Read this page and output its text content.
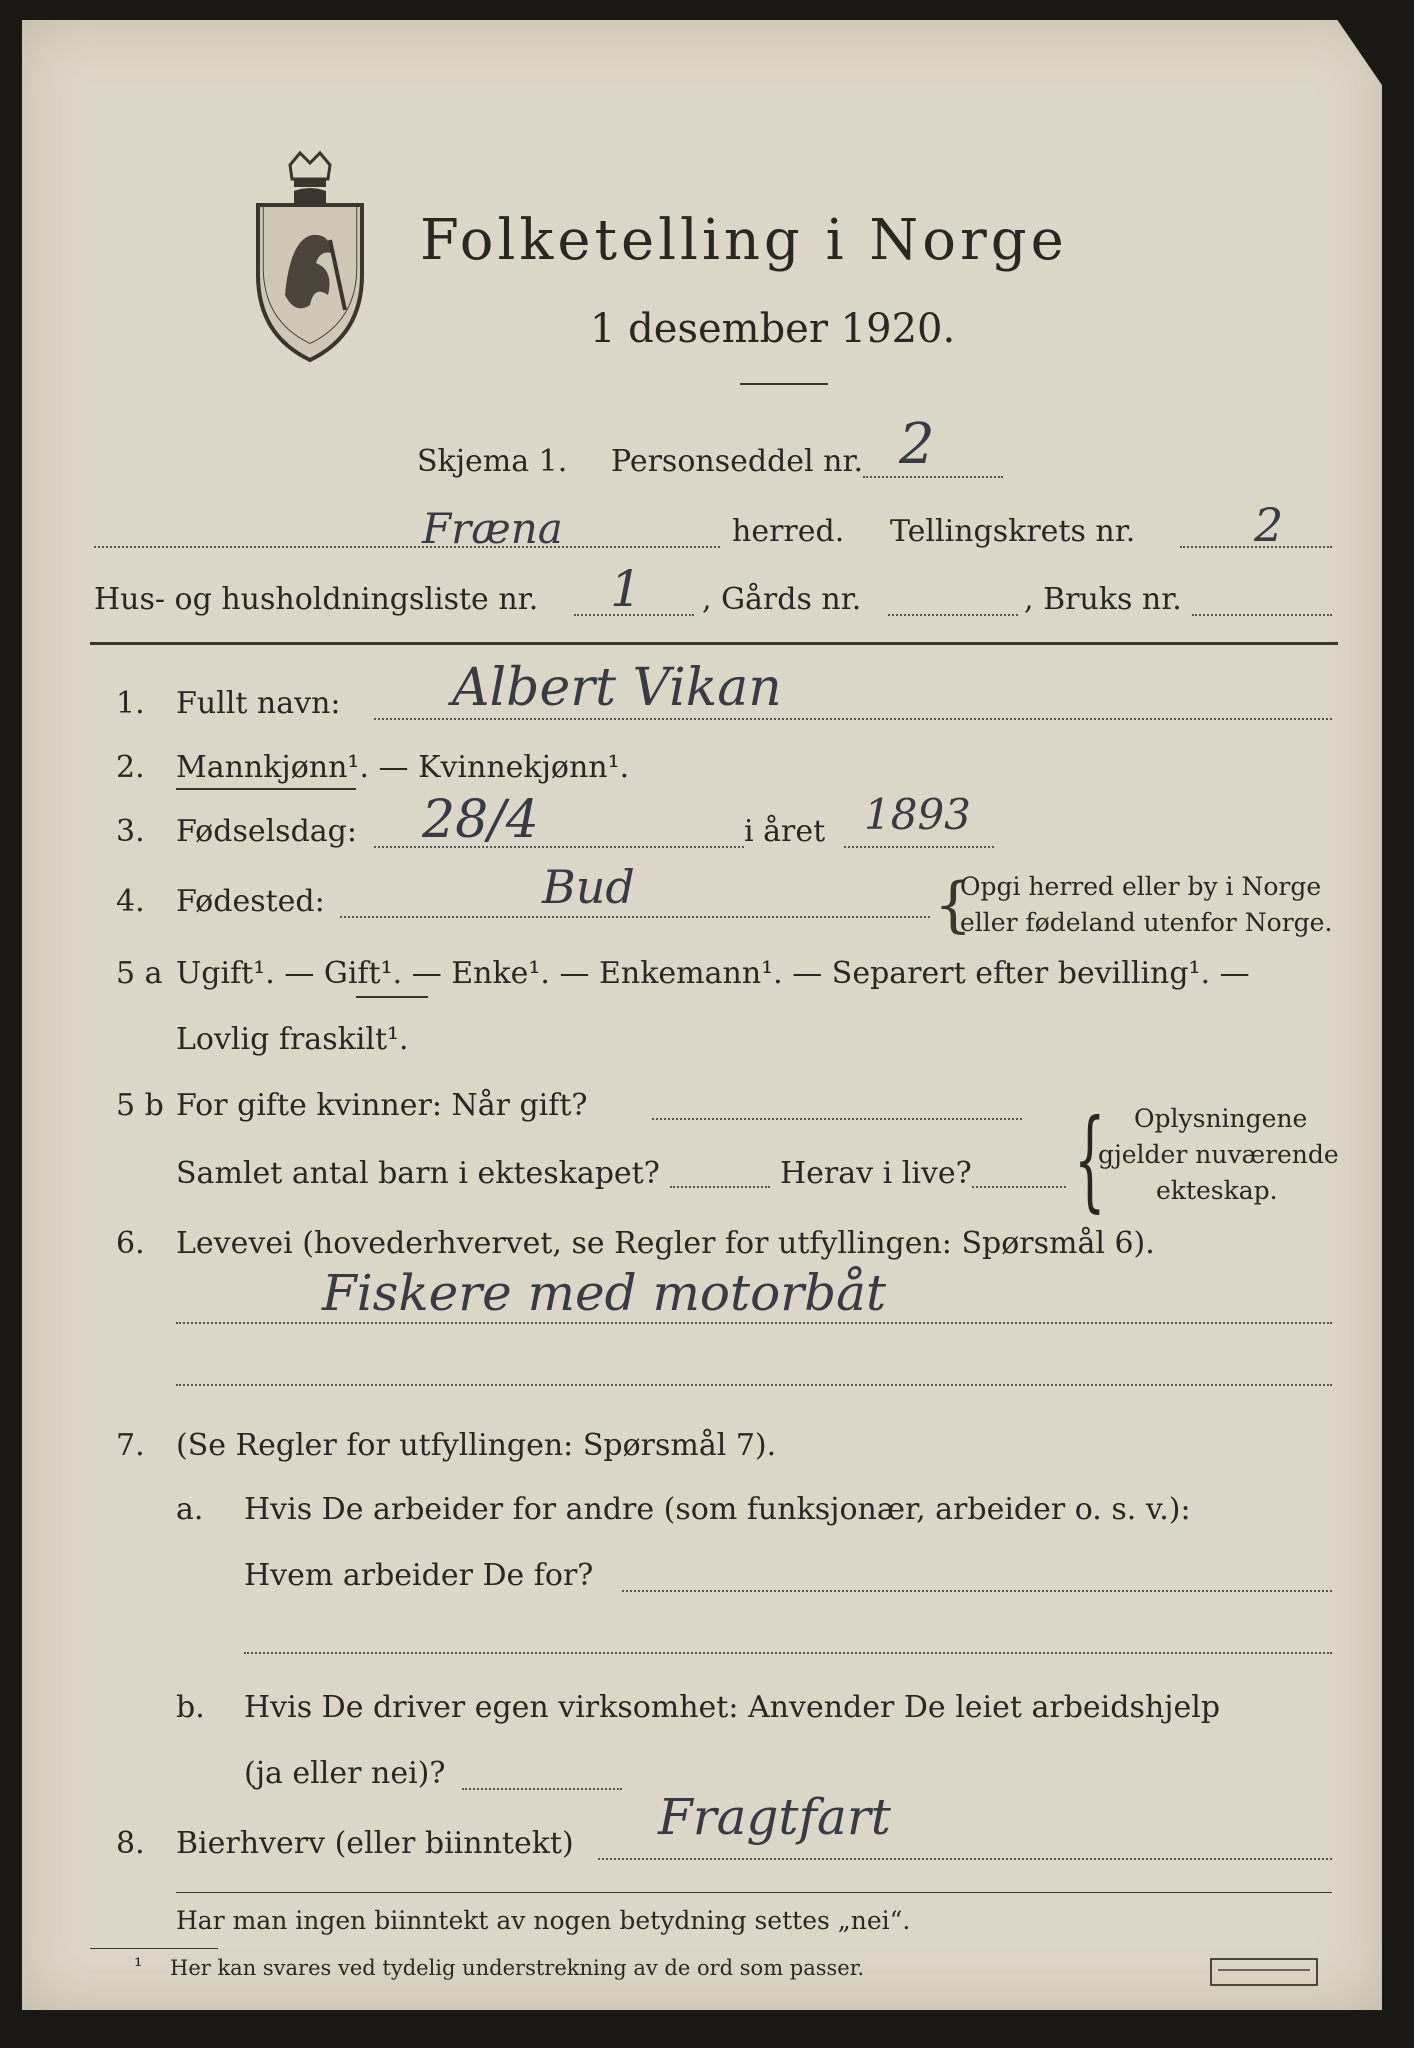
Folketelling i Norge
1 desember 1920.
Skjema 1. Personseddel nr. 2
Fræna	herred. Tellingskrets nr.	2
Hus- og husholdningsliste nr. 1 , Gårds nr.	, Bruks nr.
1. Fullt navn: Albert Vikan
2. Mannkjønn¹. — Kvinnekjønn¹.
3. Fødselsdag: 28/4	i året 1893
4. Fødested:	Bud	{
Opgi herred eller by i Norge
eller fødeland utenfor Norge.
5 a Ugift¹. — Gift¹. — Enke¹. — Enkemann¹. — Separert efter bevilling¹. —
Lovlig fraskilt¹.
5 b For gifte kvinner: Når gift?
Samlet antal barn i ekteskapet?	Herav i live? { Oplysningene
gjelder nuværende
ekteskap.
6. Levevei (hovederhvervet, se Regler for utfyllingen: Spørsmål 6).
Fiskere med motorbåt
7. (Se Regler for utfyllingen: Spørsmål 7).
a. Hvis De arbeider for andre (som funksjonær, arbeider o. s. v.):
Hvem arbeider De for?
b. Hvis De driver egen virksomhet: Anvender De leiet arbeidshjelp
(ja eller nei)?
8. Bierhverv (eller biinntekt) Fragtfart
Har man ingen biinntekt av nogen betydning settes „nei“.
¹ Her kan svares ved tydelig understrekning av de ord som passer.
